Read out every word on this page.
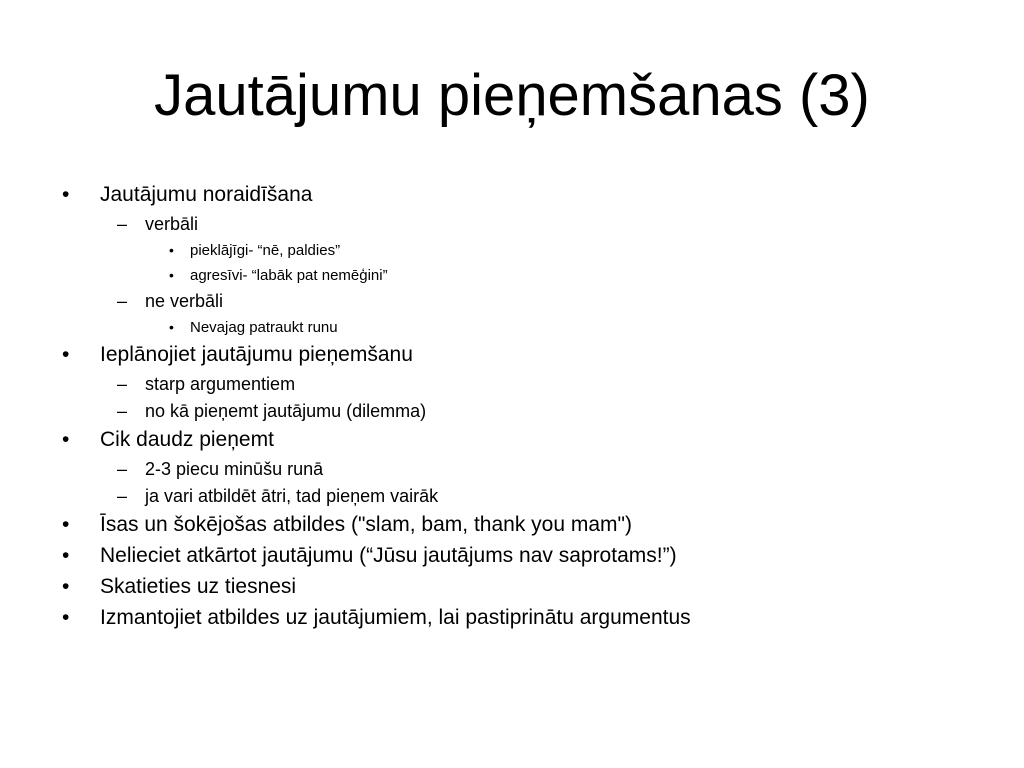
Jautājumu pieņemšanas (3)
• Jautājumu noraidīšana
– verbāli
• pieklājīgi- “nē, paldies”
• agresīvi- “labāk pat nemēģini”
– ne verbāli
• Nevajag patraukt runu
• Ieplānojiet jautājumu pieņemšanu
– starp argumentiem
– no kā pieņemt jautājumu (dilemma)
• Cik daudz pieņemt
– 2-3 piecu minūšu runā
– ja vari atbildēt ātri, tad pieņem vairāk
• Īsas un šokējošas atbildes ("slam, bam, thank you mam")
• Nelieciet atkārtot jautājumu (“Jūsu jautājums nav saprotams!”)
• Skatieties uz tiesnesi
• Izmantojiet atbildes uz jautājumiem, lai pastiprinātu argumentus
